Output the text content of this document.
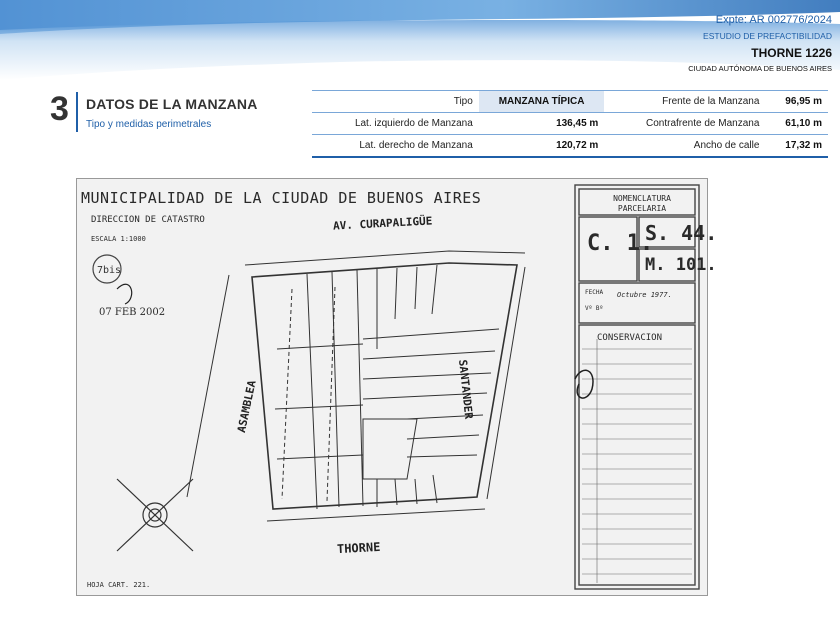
Expte: AR 002776/2024
ESTUDIO DE PREFACTIBILIDAD
THORNE 1226
CIUDAD AUTÓNOMA DE BUENOS AIRES
3 DATOS DE LA MANZANA
Tipo y medidas perimetrales
Tipo	MANZANA TÍPICA	Frente de la Manzana	96,95 m
Lat. izquierdo de Manzana	136,45 m	Contrafrente de Manzana	61,10 m
Lat. derecho de Manzana	120,72 m	Ancho de calle	17,32 m
7bis
MUNICIPALIDAD DE LA CIUDAD DE BUENOS AIRES
DIRECCION DE CATASTRO
ESCALA 1:1000
07 FEB 2002
AV. CURAPALIGÜE
THORNE
SANTANDER
ASAMBLEA
HOJA CART. 221.
NOMENCLATURA PARCELARIA
C. 1.
S. 44.
M. 101.
FECHA Octubre 1977.
Vº Bº
CONSERVACION
